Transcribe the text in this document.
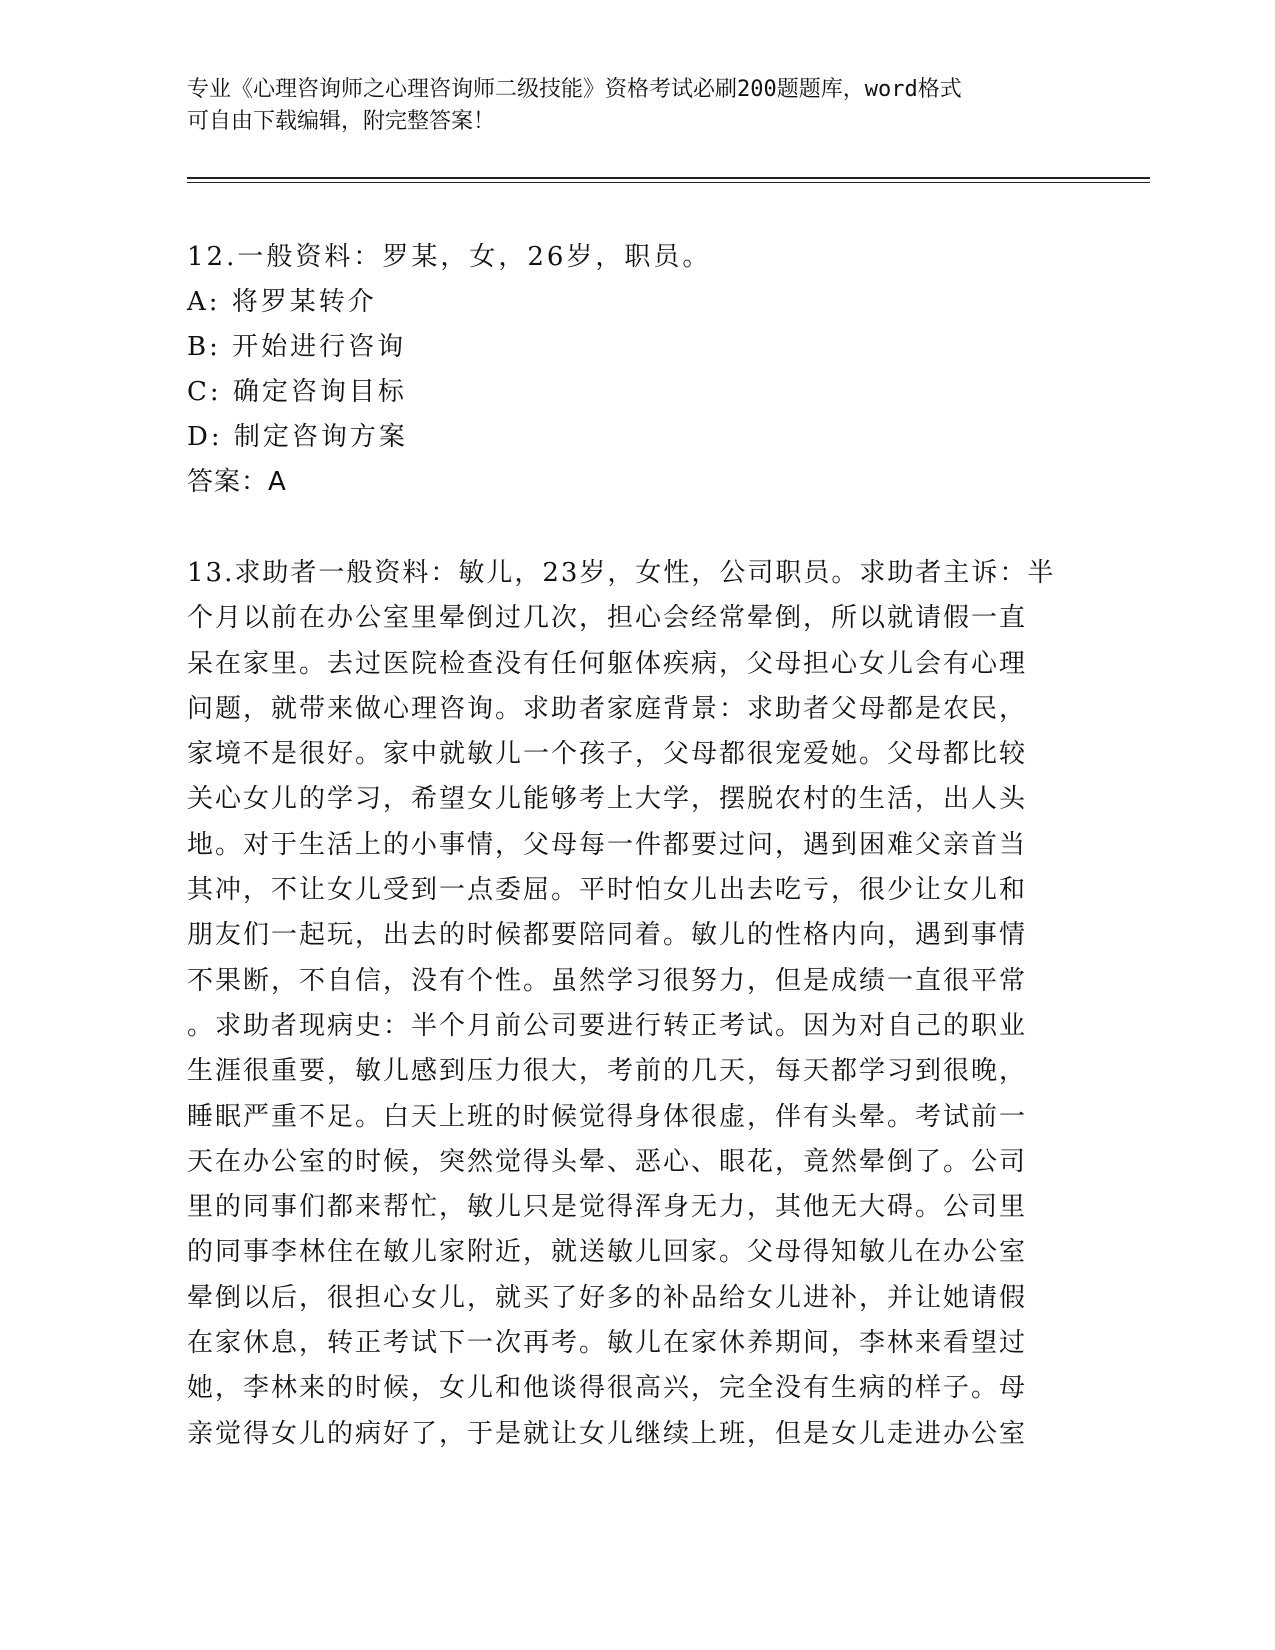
专业《心理咨询师之心理咨询师二级技能》资格考试必刷200题题库，word格式
可自由下载编辑，附完整答案！
12.一般资料：罗某，女，26岁，职员。
A: 将罗某转介
B: 开始进行咨询
C: 确定咨询目标
D: 制定咨询方案
答案：A
13.求助者一般资料：敏儿，23岁，女性，公司职员。求助者主诉：半
个月以前在办公室里晕倒过几次，担心会经常晕倒，所以就请假一直
呆在家里。去过医院检查没有任何躯体疾病，父母担心女儿会有心理
问题，就带来做心理咨询。求助者家庭背景：求助者父母都是农民，
家境不是很好。家中就敏儿一个孩子，父母都很宠爱她。父母都比较
关心女儿的学习，希望女儿能够考上大学，摆脱农村的生活，出人头
地。对于生活上的小事情，父母每一件都要过问，遇到困难父亲首当
其冲，不让女儿受到一点委屈。平时怕女儿出去吃亏，很少让女儿和
朋友们一起玩，出去的时候都要陪同着。敏儿的性格内向，遇到事情
不果断，不自信，没有个性。虽然学习很努力，但是成绩一直很平常
。求助者现病史：半个月前公司要进行转正考试。因为对自己的职业
生涯很重要，敏儿感到压力很大，考前的几天，每天都学习到很晚，
睡眠严重不足。白天上班的时候觉得身体很虚，伴有头晕。考试前一
天在办公室的时候，突然觉得头晕、恶心、眼花，竟然晕倒了。公司
里的同事们都来帮忙，敏儿只是觉得浑身无力，其他无大碍。公司里
的同事李林住在敏儿家附近，就送敏儿回家。父母得知敏儿在办公室
晕倒以后，很担心女儿，就买了好多的补品给女儿进补，并让她请假
在家休息，转正考试下一次再考。敏儿在家休养期间，李林来看望过
她，李林来的时候，女儿和他谈得很高兴，完全没有生病的样子。母
亲觉得女儿的病好了，于是就让女儿继续上班，但是女儿走进办公室
